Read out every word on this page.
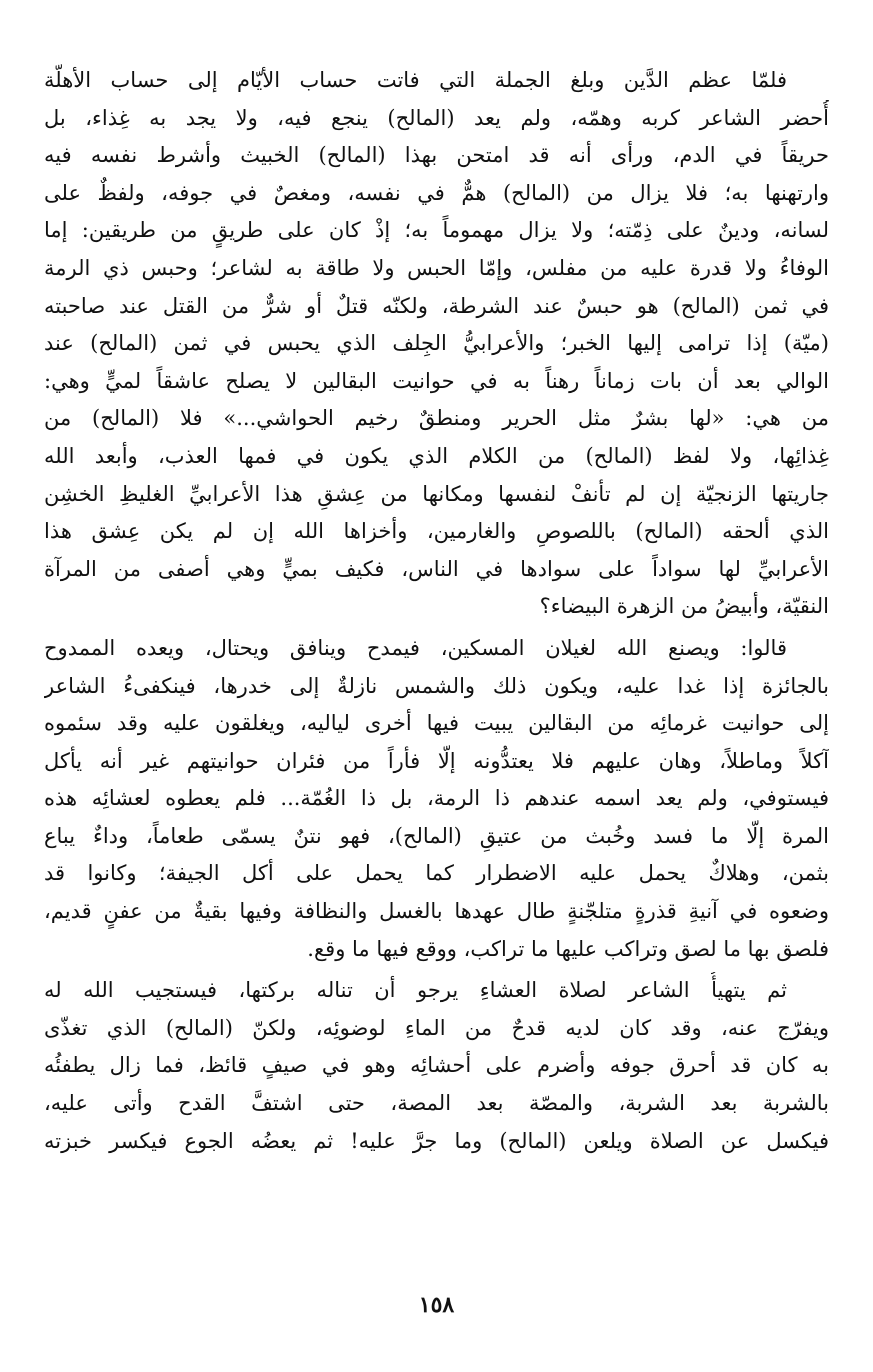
فلمّا عظم الدَّين وبلغ الجملة التي فاتت حساب الأيّام إلى حساب الأهلّة
أُحضر الشاعر كربه وهمّه، ولم يعد (المالح) ينجع فيه، ولا يجد به غِذاء، بل
حريقاً في الدم، ورأى أنه قد امتحن بهذا (المالح) الخبيث وأشرط نفسه فيه
وارتهنها به؛ فلا يزال من (المالح) همٌّ في نفسه، ومغصٌ في جوفه، ولفظٌ على
لسانه، ودينٌ على ذِمّته؛ ولا يزال مهموماً به؛ إذْ كان على طريقٍ من طريقين: إما
الوفاءُ ولا قدرة عليه من مفلس، وإمّا الحبس ولا طاقة به لشاعر؛ وحبس ذي الرمة
في ثمن (المالح) هو حبسٌ عند الشرطة، ولكنّه قتلٌ أو شرٌّ من القتل عند صاحبته
(ميّة) إذا ترامى إليها الخبر؛ والأعرابيُّ الجِلف الذي يحبس في ثمن (المالح) عند
الوالي بعد أن بات زماناً رهناً به في حوانيت البقالين لا يصلح عاشقاً لميٍّ وهي:
من هي: «لها بشرٌ مثل الحرير ومنطقٌ رخيم الحواشي...» فلا (المالح) من
غِذائِها، ولا لفظ (المالح) من الكلام الذي يكون في فمها العذب، وأبعد الله
جاريتها الزنجيّة إن لم تأنفْ لنفسها ومكانها من عِشقِ هذا الأعرابيِّ الغليظِ الخشِن
الذي ألحقه (المالح) باللصوصِ والغارمين، وأخزاها الله إن لم يكن عِشق هذا
الأعرابيِّ لها سواداً على سوادها في الناس، فكيف بميٍّ وهي أصفى من المرآة
النقيّة، وأبيضُ من الزهرة البيضاء؟

قالوا: ويصنع الله لغيلان المسكين، فيمدح وينافق ويحتال، ويعده الممدوح
بالجائزة إذا غدا عليه، ويكون ذلك والشمس نازلةٌ إلى خدرها، فينكفىءُ الشاعر
إلى حوانيت غرمائِه من البقالين يبيت فيها أخرى لياليه، ويغلقون عليه وقد سئموه
آكلاً وماطلاً، وهان عليهم فلا يعتدُّونه إلّا فأراً من فئران حوانيتهم غير أنه يأكل
فيستوفي، ولم يعد اسمه عندهم ذا الرمة، بل ذا الغُمّة... فلم يعطوه لعشائِه هذه
المرة إلّا ما فسد وخُبث من عتيقِ (المالح)، فهو نتنٌ يسمّى طعاماً، وداءٌ يباع
بثمن، وهلاكٌ يحمل عليه الاضطرار كما يحمل على أكل الجيفة؛ وكانوا قد
وضعوه في آنيةِ قذرةٍ متلجّنةٍ طال عهدها بالغسل والنظافة وفيها بقيةٌ من عفنٍ قديم،
فلصق بها ما لصق وتراكب عليها ما تراكب، ووقع فيها ما وقع.

ثم يتهيأُ الشاعر لصلاة العشاءِ يرجو أن تناله بركتها، فيستجيب الله له
ويفرّج عنه، وقد كان لديه قدحٌ من الماءِ لوضوئِه، ولكنّ (المالح) الذي تغذّى
به كان قد أحرق جوفه وأضرم على أحشائِه وهو في صيفٍ قائظ، فما زال يطفئُه
بالشربة بعد الشربة، والمصّة بعد المصة، حتى اشتفَّ القدح وأتى عليه،
فيكسل عن الصلاة ويلعن (المالح) وما جرَّ عليه! ثم يعضُه الجوع فيكسر خبزته

١٥٨
